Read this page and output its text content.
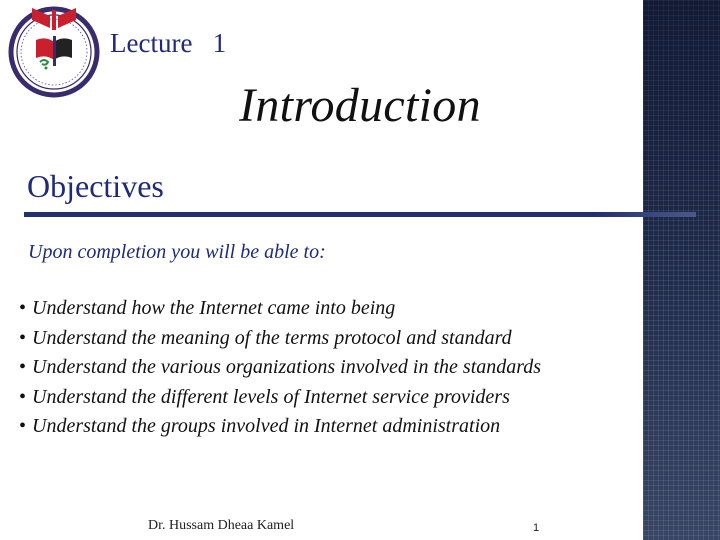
Lecture   1
Introduction
Objectives
Upon completion you will be able to:
• Understand how the Internet came into being
• Understand the meaning of the terms protocol and standard
• Understand the various organizations involved in the standards
• Understand the different levels of Internet service providers
• Understand the groups involved in Internet administration
Dr. Hussam Dheaa Kamel	1
